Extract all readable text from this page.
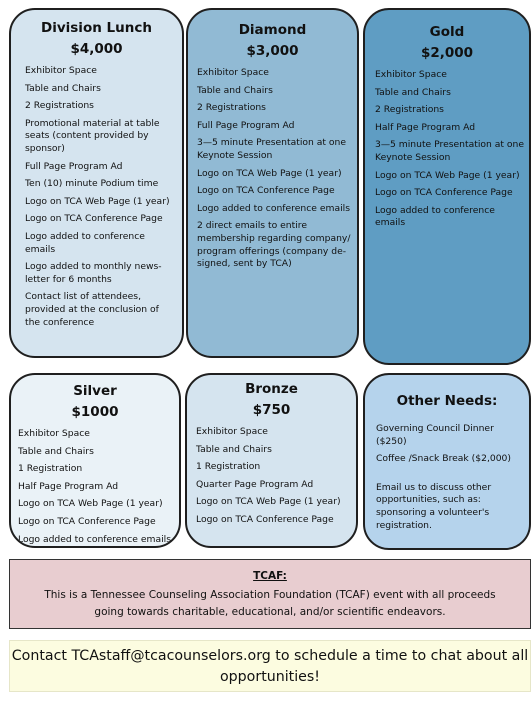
Division Lunch
$4,000
Exhibitor Space
Table and Chairs
2 Registrations
Promotional material at table seats (content provided by sponsor)
Full Page Program Ad
Ten (10) minute Podium time
Logo on TCA Web Page (1 year)
Logo on TCA Conference Page
Logo added to conference emails
Logo added to monthly news-letter for 6 months
Contact list of attendees, provided at the conclusion of the conference
Diamond
$3,000
Exhibitor Space
Table and Chairs
2 Registrations
Full Page Program Ad
3—5 minute Presentation at one Keynote Session
Logo on TCA Web Page (1 year)
Logo on TCA Conference Page
Logo added to conference emails
2 direct emails to entire membership regarding company/ program offerings (company de-signed, sent by TCA)
Gold
$2,000
Exhibitor Space
Table and Chairs
2 Registrations
Half Page Program Ad
3—5 minute Presentation at one Keynote Session
Logo on TCA Web Page (1 year)
Logo on TCA Conference Page
Logo added to conference emails
Silver
$1000
Exhibitor Space
Table and Chairs
1 Registration
Half Page Program Ad
Logo on TCA Web Page (1 year)
Logo on TCA Conference Page
Logo added to conference emails
Bronze
$750
Exhibitor Space
Table and Chairs
1 Registration
Quarter Page Program Ad
Logo on TCA Web Page (1 year)
Logo on TCA Conference Page
Other Needs:
Governing Council Dinner ($250)
Coffee /Snack Break ($2,000)
Email us to discuss other opportunities, such as: sponsoring a volunteer's registration.
TCAF:
This is a Tennessee Counseling Association Foundation (TCAF) event with all proceeds going towards charitable, educational, and/or scientific endeavors.
Contact TCAstaff@tcacounselors.org to schedule a time to chat about all opportunities!
